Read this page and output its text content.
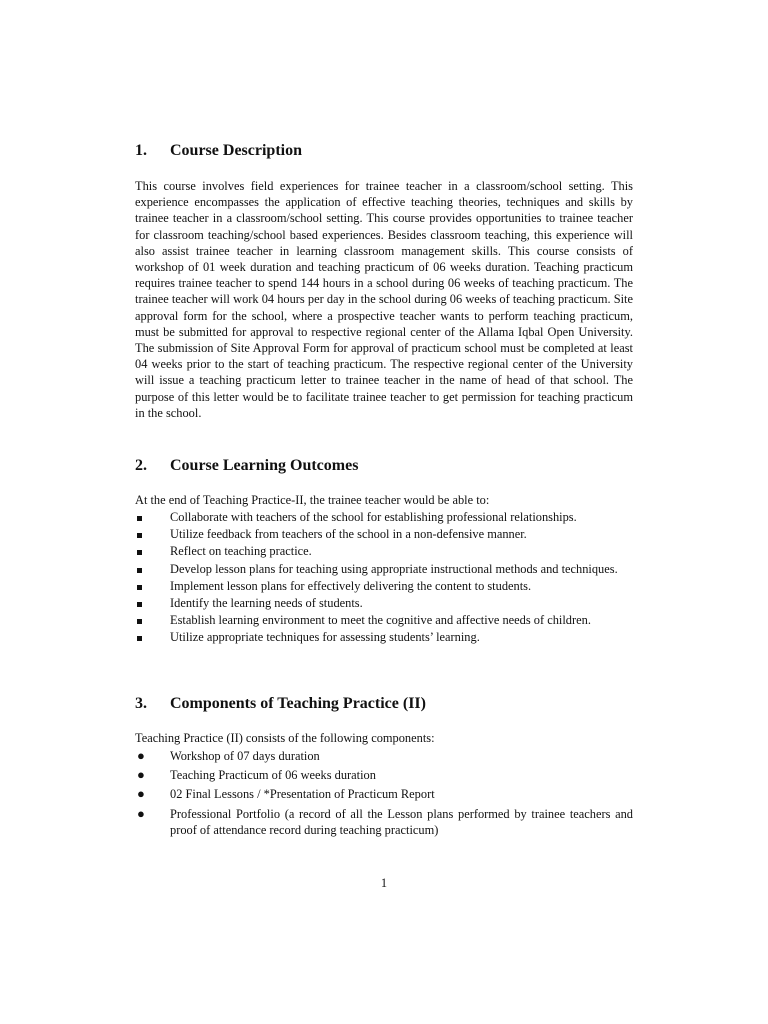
1. Course Description

This course involves field experiences for trainee teacher in a classroom/school setting. This experience encompasses the application of effective teaching theories, techniques and skills by trainee teacher in a classroom/school setting. This course provides opportunities to trainee teacher for classroom teaching/school based experiences. Besides classroom teaching, this experience will also assist trainee teacher in learning classroom management skills. This course consists of workshop of 01 week duration and teaching practicum of 06 weeks duration. Teaching practicum requires trainee teacher to spend 144 hours in a school during 06 weeks of teaching practicum. The trainee teacher will work 04 hours per day in the school during 06 weeks of teaching practicum. Site approval form for the school, where a prospective teacher wants to perform teaching practicum, must be submitted for approval to respective regional center of the Allama Iqbal Open University. The submission of Site Approval Form for approval of practicum school must be completed at least 04 weeks prior to the start of teaching practicum. The respective regional center of the University will issue a teaching practicum letter to trainee teacher in the name of head of that school. The purpose of this letter would be to facilitate trainee teacher to get permission for teaching practicum in the school.

2. Course Learning Outcomes

At the end of Teaching Practice-II, the trainee teacher would be able to:

Collaborate with teachers of the school for establishing professional relationships.
Utilize feedback from teachers of the school in a non-defensive manner.
Reflect on teaching practice.
Develop lesson plans for teaching using appropriate instructional methods and techniques.
Implement lesson plans for effectively delivering the content to students.
Identify the learning needs of students.
Establish learning environment to meet the cognitive and affective needs of children.
Utilize appropriate techniques for assessing students’ learning.
3. Components of Teaching Practice (II)

Teaching Practice (II) consists of the following components:

●	Workshop of 07 days duration
●	Teaching Practicum of 06 weeks duration
●	02 Final Lessons / *Presentation of Practicum Report
●	Professional Portfolio (a record of all the Lesson plans performed by trainee teachers and proof of attendance record during teaching practicum)
1
